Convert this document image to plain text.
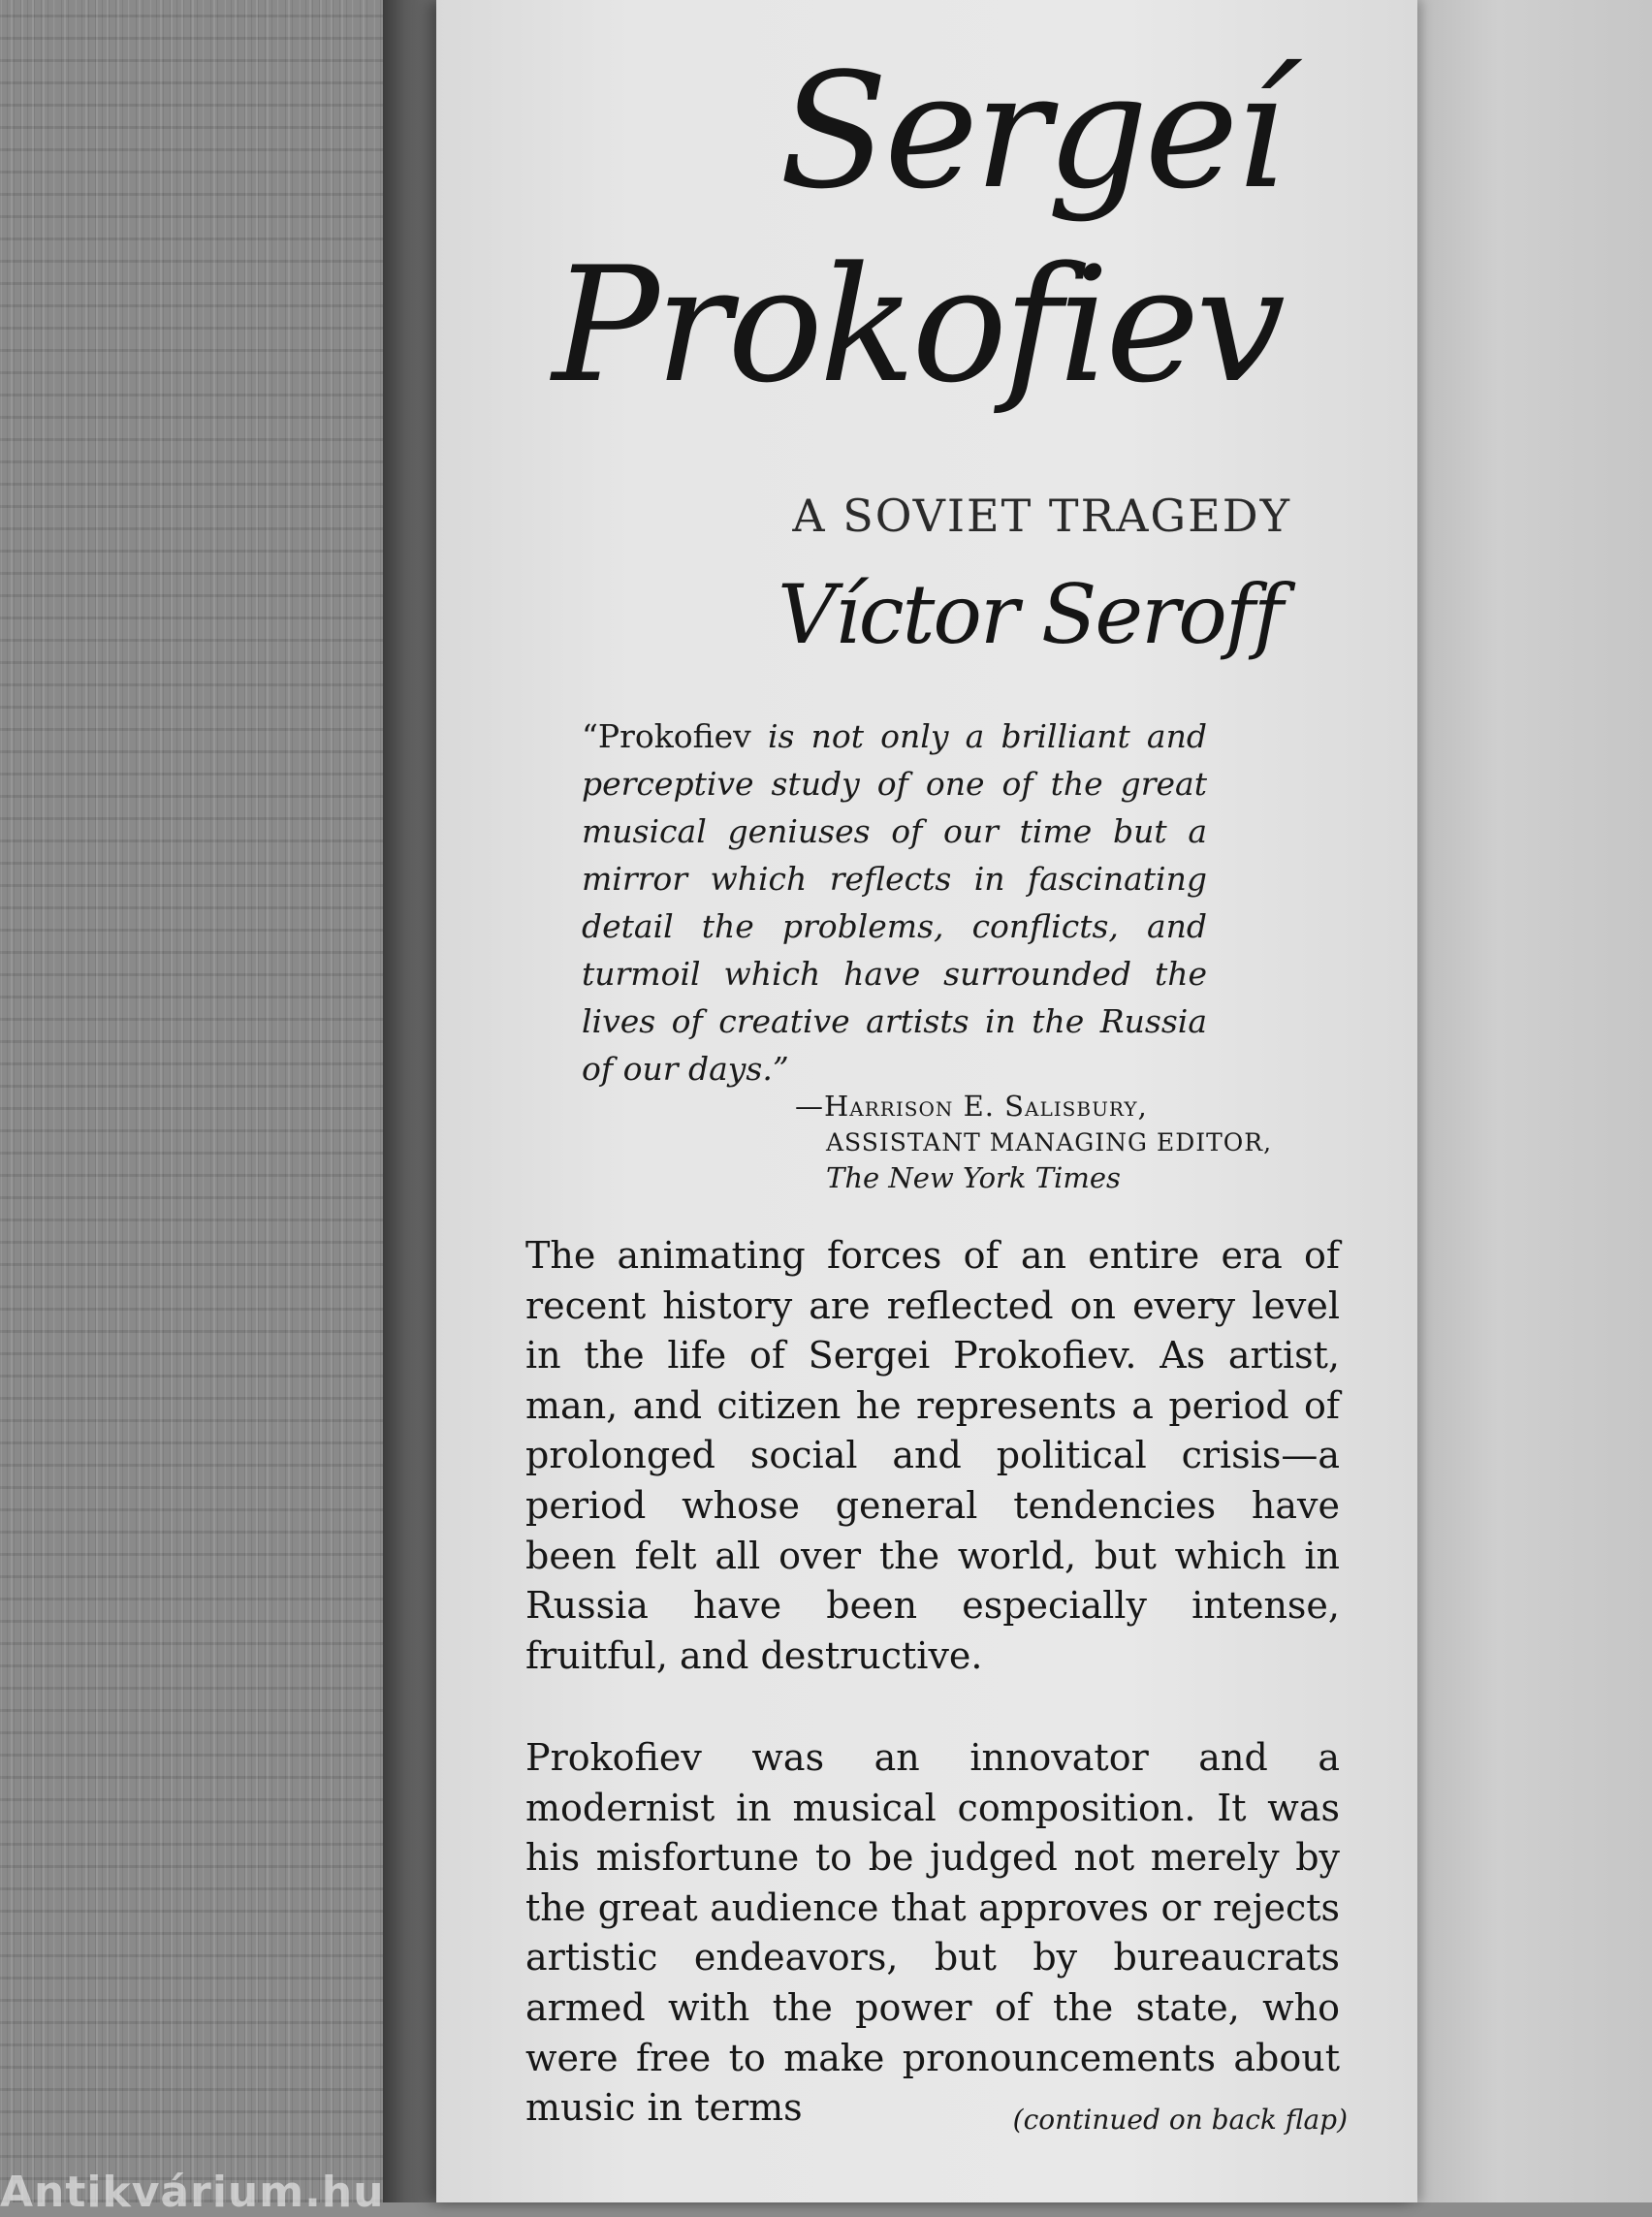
Sergeí
Prokofiev
A SOVIET TRAGEDY
Víctor Seroff
“Prokofiev is not only a brilliant and perceptive study of one of the great musical geniuses of our time but a mirror which reflects in fascinating detail the problems, conflicts, and turmoil which have surrounded the lives of creative artists in the Russia of our days.”
—Harrison E. Salisbury,
ASSISTANT MANAGING EDITOR,
The New York Times
The animating forces of an entire era of recent history are reflected on every level in the life of Sergei Prokofiev. As artist, man, and citizen he represents a period of prolonged social and political crisis—a period whose general tendencies have been felt all over the world, but which in Russia have been especially intense, fruitful, and destructive.
Prokofiev was an innovator and a modernist in musical composition. It was his misfortune to be judged not merely by the great audience that approves or rejects artistic endeavors, but by bureaucrats armed with the power of the state, who were free to make pronouncements about music in terms	(continued on back flap)
Antikvárium.hu
